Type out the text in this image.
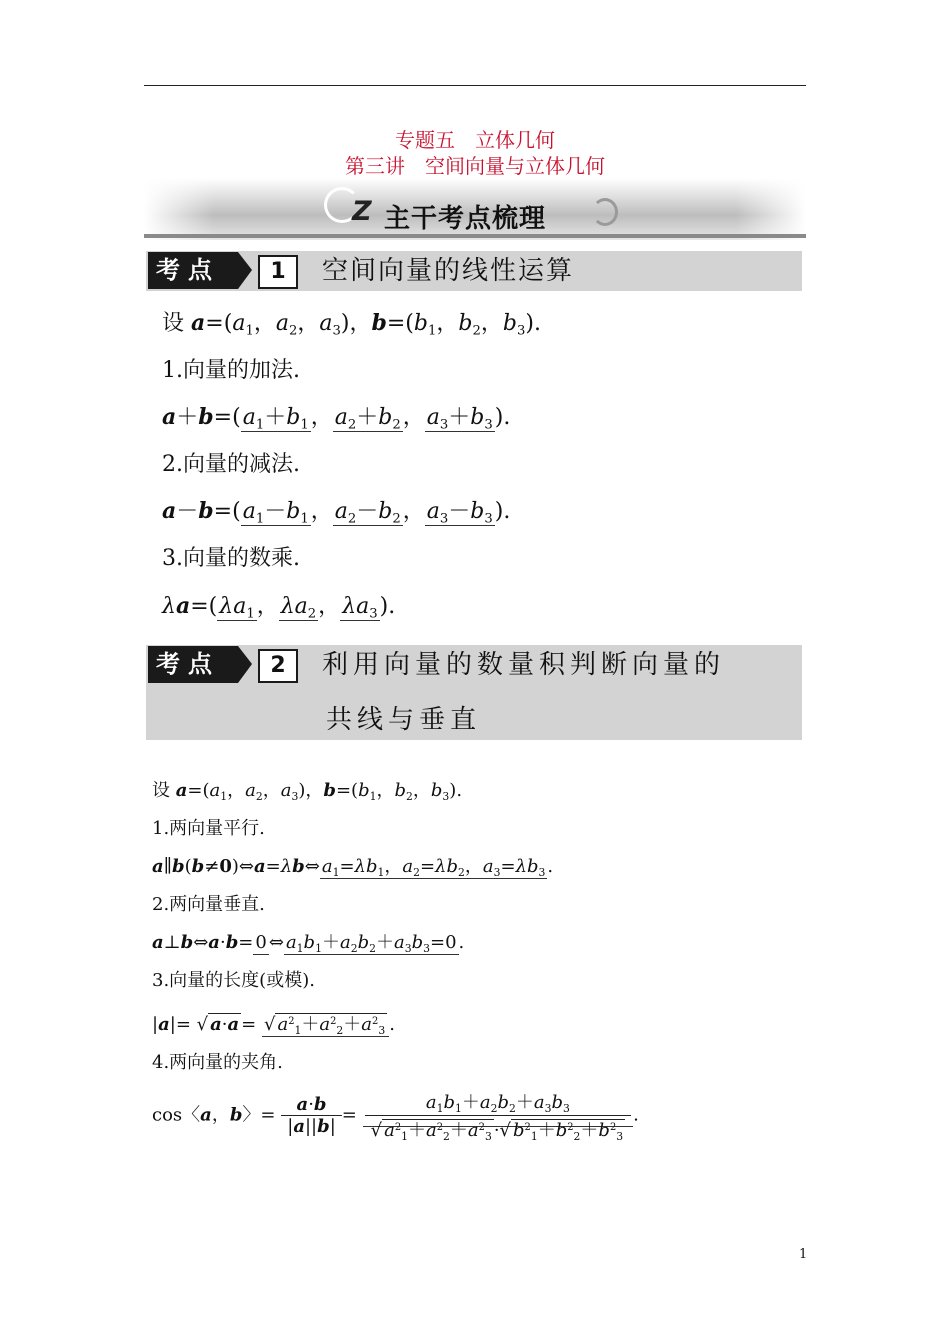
专题五　立体几何
第三讲　空间向量与立体几何
Z 主干考点梳理
考点	1	空间向量的线性运算
设 $a=(a_1$，$a_2$，$a_3$)，$b=(b_1$，$b_2$，$b_3$).
1.向量的加法.
$a+b=(a_1+b_1$，$a_2+b_2$，$a_3+b_3$).
2.向量的减法.
$a-b=(a_1-b_1$，$a_2-b_2$，$a_3-b_3$).
3.向量的数乘.
$\lambda a=(\lambda a_1$，$\lambda a_2$，$\lambda a_3$).
考点	2	利用向量的数量积判断向量的
共线与垂直
设 $a=(a_1$，$a_2$，$a_3$)，$b=(b_1$，$b_2$，$b_3$).
1.两向量平行.
a∥b(b≠0)⇔a=λb⇔ $a_1=\lambda b_1$，$a_2=\lambda b_2$，$a_3=\lambda b_3$ .
2.两向量垂直.
a⊥b⇔a·b= 0 ⇔ $a_1b_1+a_2b_2+a_3b_3=0$ .
3.向量的长度(或模).
|a|= √ a·a = √ $a^2_1+a^2_2+a^2_3$ .
4.两向量的夹角.
cos〈a，b〉= $\frac{a\cdot b}{|a||b|} = \frac{a_1b_1+a_2b_2+a_3b_3}{√ a^2_1+a^2_2+a^2_3 \cdot√ b^2_1+b^2_2+b^2_3}$ .
1
